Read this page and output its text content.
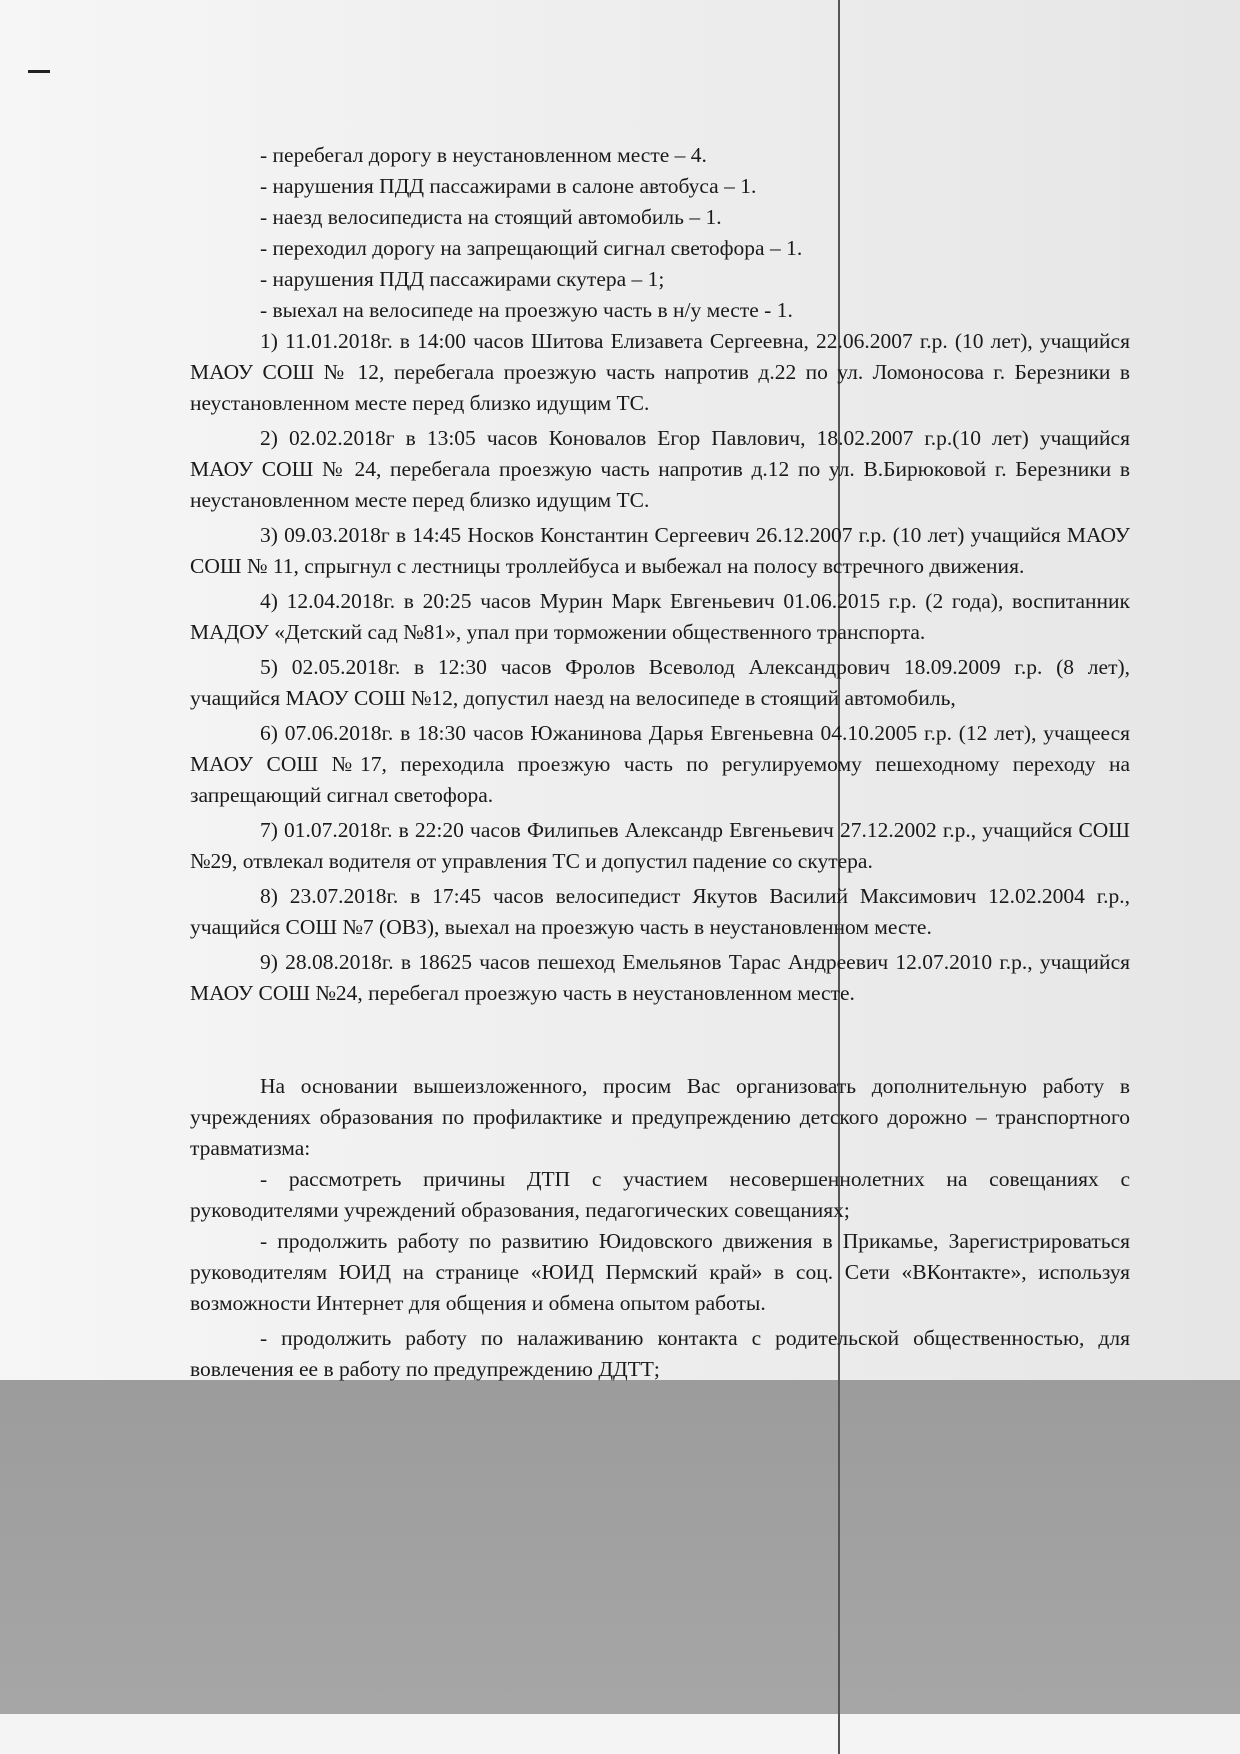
- перебегал дорогу в неустановленном месте – 4.
- нарушения ПДД пассажирами в салоне автобуса – 1.
- наезд велосипедиста на стоящий автомобиль – 1.
- переходил дорогу на запрещающий сигнал светофора – 1.
- нарушения ПДД пассажирами скутера – 1;
- выехал на велосипеде на проезжую часть в н/у месте - 1.

1) 11.01.2018г. в 14:00 часов Шитова Елизавета Сергеевна, 22.06.2007 г.р. (10 лет), учащийся МАОУ СОШ № 12, перебегала проезжую часть напротив д.22 по ул. Ломоносова г. Березники в неустановленном месте перед близко идущим ТС.

2) 02.02.2018г в 13:05 часов Коновалов Егор Павлович, 18.02.2007 г.р.(10 лет) учащийся МАОУ СОШ № 24, перебегала проезжую часть напротив д.12 по ул. В.Бирюковой г. Березники в неустановленном месте перед близко идущим ТС.

3) 09.03.2018г в 14:45 Носков Константин Сергеевич 26.12.2007 г.р. (10 лет) учащийся МАОУ СОШ № 11, спрыгнул с лестницы троллейбуса и выбежал на полосу встречного движения.

4) 12.04.2018г. в 20:25 часов Мурин Марк Евгеньевич 01.06.2015 г.р. (2 года), воспитанник МАДОУ «Детский сад №81», упал при торможении общественного транспорта.

5) 02.05.2018г. в 12:30 часов Фролов Всеволод Александрович 18.09.2009 г.р. (8 лет), учащийся МАОУ СОШ №12, допустил наезд на велосипеде в стоящий автомобиль,

6) 07.06.2018г. в 18:30 часов Южанинова Дарья Евгеньевна 04.10.2005 г.р. (12 лет), учащееся МАОУ СОШ №17, переходила проезжую часть по регулируемому пешеходному переходу на запрещающий сигнал светофора.

7) 01.07.2018г. в 22:20 часов Филипьев Александр Евгеньевич 27.12.2002 г.р., учащийся СОШ №29, отвлекал водителя от управления ТС и допустил падение со скутера.

8) 23.07.2018г. в 17:45 часов велосипедист Якутов Василий Максимович 12.02.2004 г.р., учащийся СОШ №7 (ОВЗ), выехал на проезжую часть в неустановленном месте.

9) 28.08.2018г. в 18625 часов пешеход Емельянов Тарас Андреевич 12.07.2010 г.р., учащийся МАОУ СОШ №24, перебегал проезжую часть в неустановленном месте.

На основании вышеизложенного, просим Вас организовать дополнительную работу в учреждениях образования по профилактике и предупреждению детского дорожно – транспортного травматизма:

- рассмотреть причины ДТП с участием несовершеннолетних на совещаниях с руководителями учреждений образования, педагогических совещаниях;

- продолжить работу по развитию Юидовского движения в Прикамье, Зарегистрироваться руководителям ЮИД на странице «ЮИД Пермский край» в соц. Сети «ВКонтакте», используя возможности Интернет для общения и обмена опытом работы.

- продолжить работу по налаживанию контакта с родительской общественностью, для вовлечения ее в работу по предупреждению ДДТТ;
